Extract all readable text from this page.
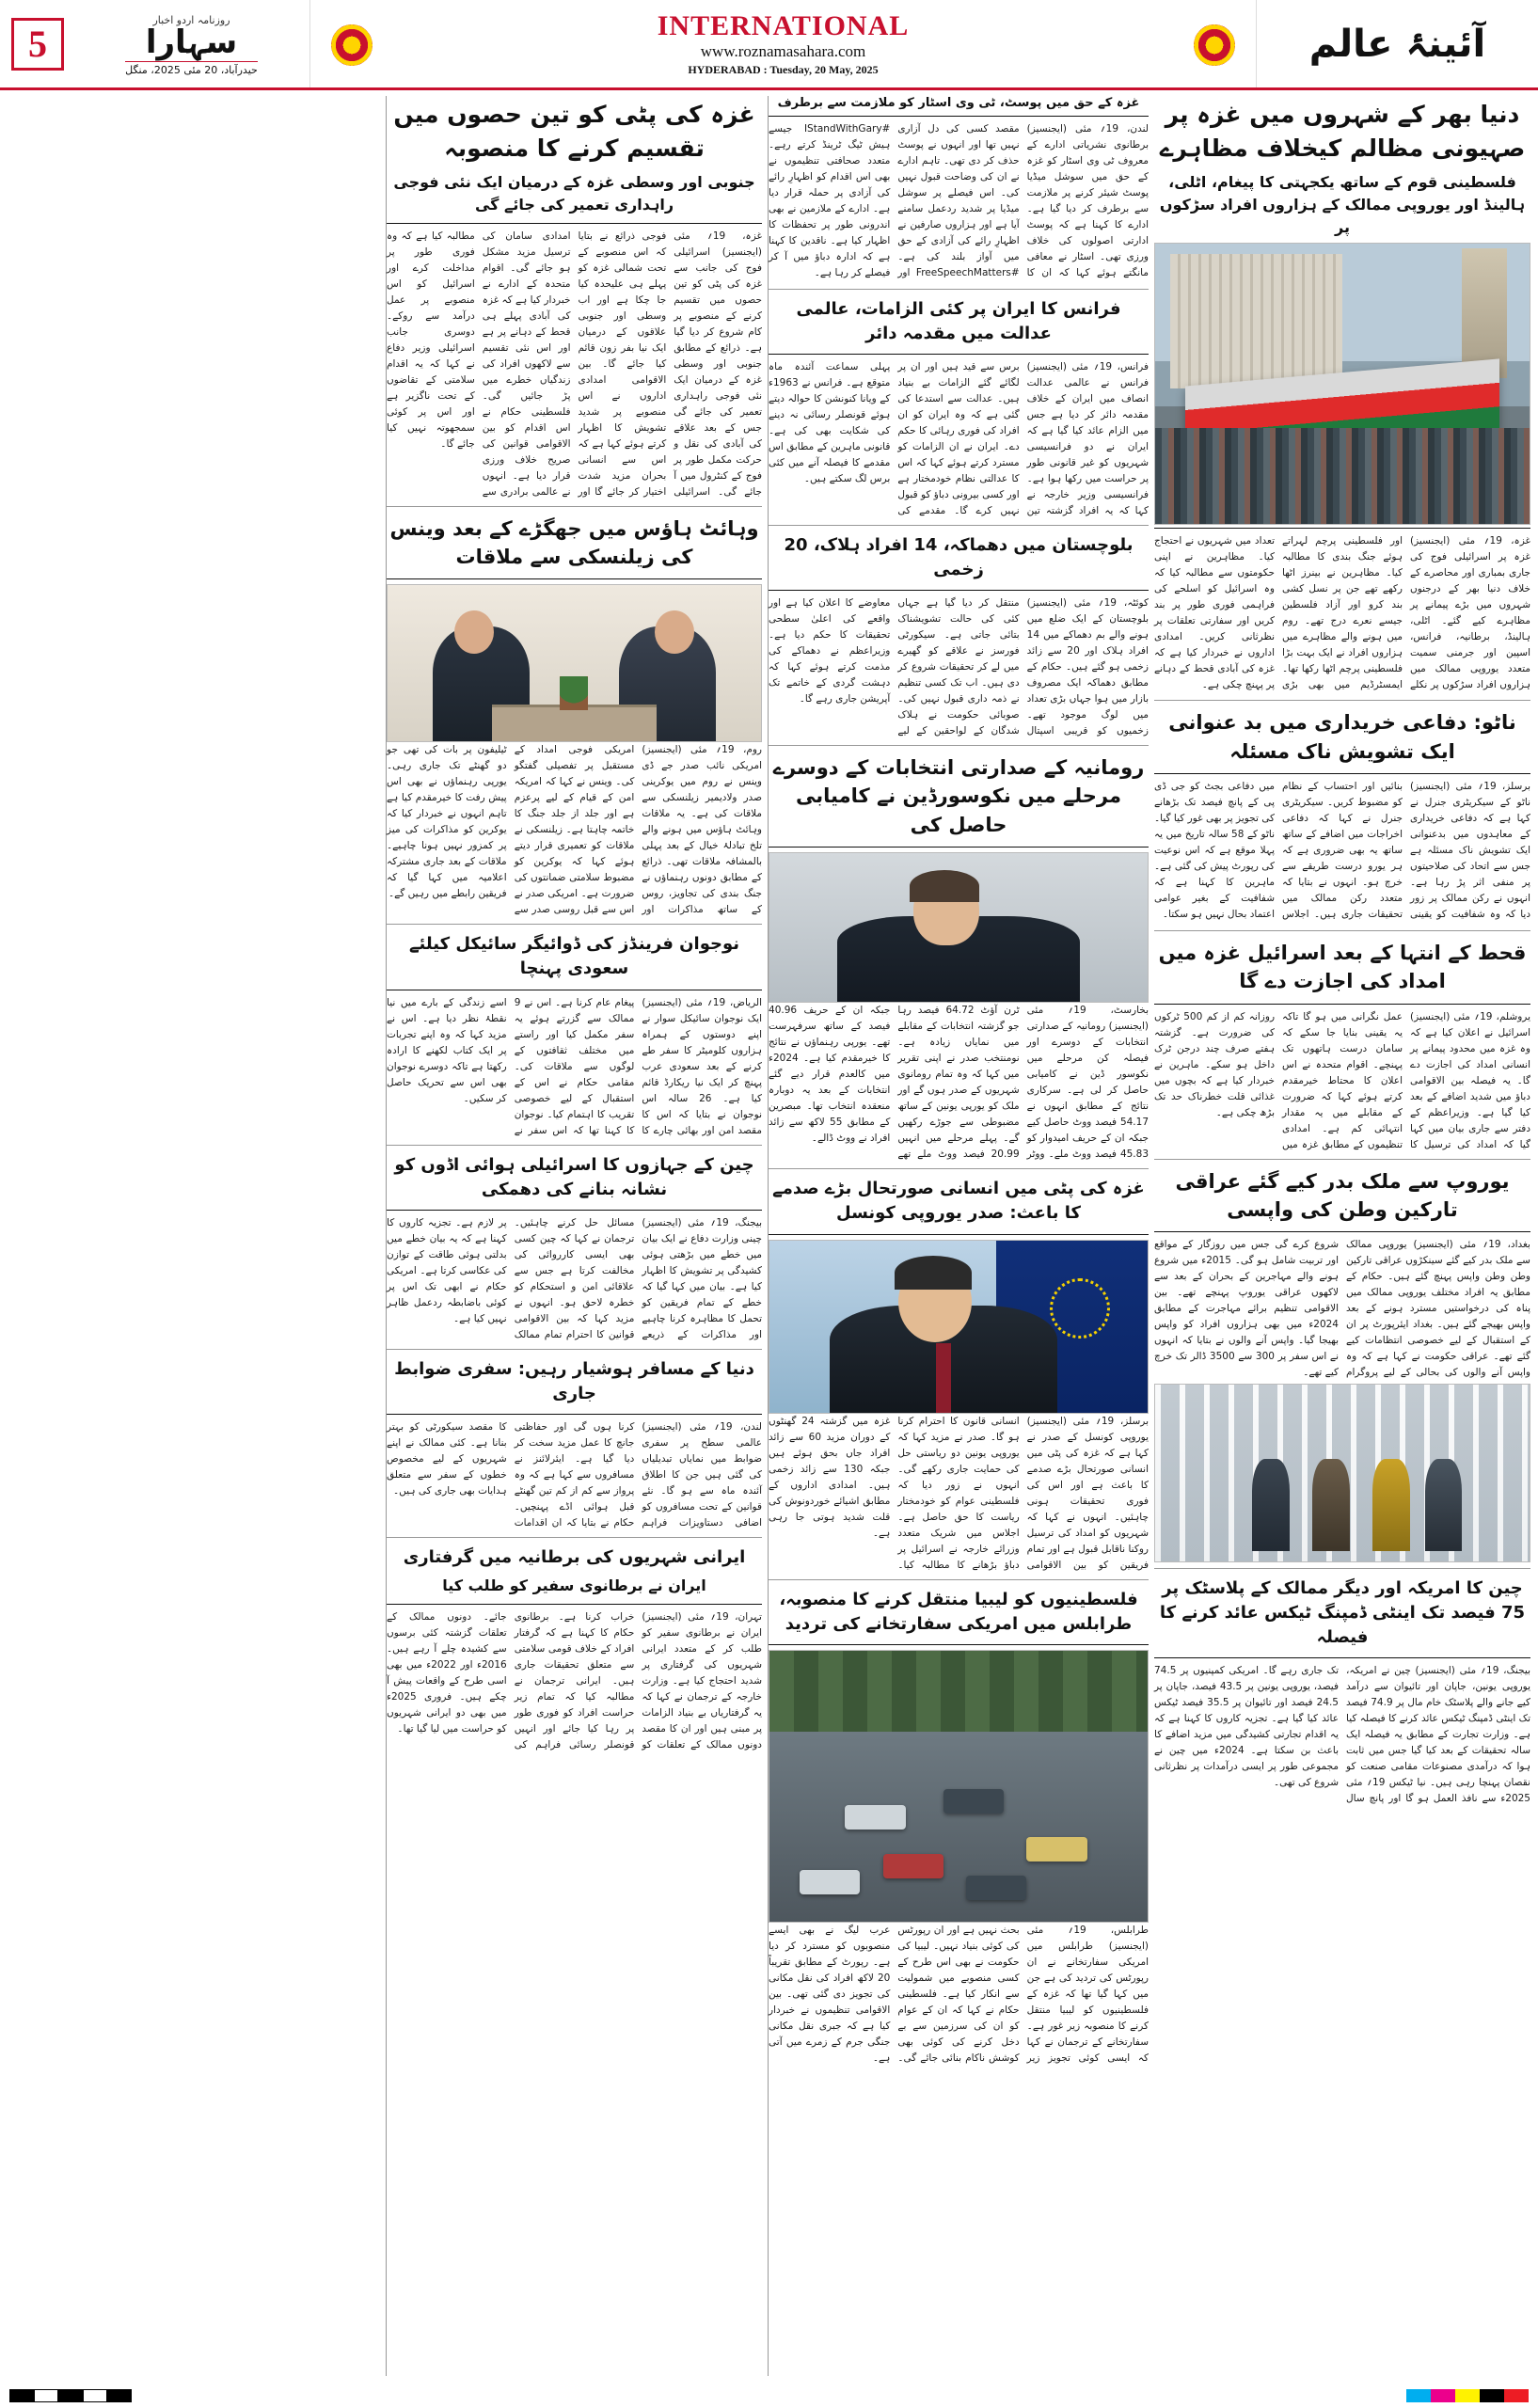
5
روزنامہ اردو اخبار
سہارا
حیدرآباد، 20 مئی 2025، منگل
INTERNATIONAL
www.roznamasahara.com
HYDERABAD : Tuesday, 20 May, 2025
آئینۂ عالم
دنیا بھر کے شہروں میں غزہ پر صہیونی مظالم کیخلاف مظاہرے
فلسطینی قوم کے ساتھ یکجہتی کا پیغام، اٹلی، ہالینڈ اور یوروپی ممالک کے ہزاروں افراد سڑکوں پر

غزہ، 19؍ مئی (ایجنسیز) غزہ پر اسرائیلی فوج کی جاری بمباری اور محاصرے کے خلاف دنیا بھر کے درجنوں شہروں میں بڑے پیمانے پر مظاہرے کیے گئے۔ اٹلی، ہالینڈ، برطانیہ، فرانس، اسپین اور جرمنی سمیت متعدد یوروپی ممالک میں ہزاروں افراد سڑکوں پر نکلے اور فلسطینی پرچم لہراتے ہوئے جنگ بندی کا مطالبہ کیا۔ مظاہرین نے بینرز اٹھا رکھے تھے جن پر نسل کشی بند کرو اور آزاد فلسطین جیسے نعرے درج تھے۔ روم میں ہونے والے مظاہرے میں ہزاروں افراد نے ایک بہت بڑا فلسطینی پرچم اٹھا رکھا تھا۔ ایمسٹرڈیم میں بھی بڑی تعداد میں شہریوں نے احتجاج کیا۔ مظاہرین نے اپنی حکومتوں سے مطالبہ کیا کہ وہ اسرائیل کو اسلحے کی فراہمی فوری طور پر بند کریں اور سفارتی تعلقات پر نظرثانی کریں۔ امدادی اداروں نے خبردار کیا ہے کہ غزہ کی آبادی قحط کے دہانے پر پہنچ چکی ہے۔

ناٹو: دفاعی خریداری میں بد عنوانی ایک تشویش ناک مسئلہ

برسلز، 19؍ مئی (ایجنسیز) ناٹو کے سیکریٹری جنرل نے کہا ہے کہ دفاعی خریداری کے معاہدوں میں بدعنوانی ایک تشویش ناک مسئلہ ہے جس سے اتحاد کی صلاحیتوں پر منفی اثر پڑ رہا ہے۔ انہوں نے رکن ممالک پر زور دیا کہ وہ شفافیت کو یقینی بنائیں اور احتساب کے نظام کو مضبوط کریں۔ سیکریٹری جنرل نے کہا کہ دفاعی اخراجات میں اضافے کے ساتھ ساتھ یہ بھی ضروری ہے کہ ہر یورو درست طریقے سے خرچ ہو۔ انہوں نے بتایا کہ متعدد رکن ممالک میں تحقیقات جاری ہیں۔ اجلاس میں دفاعی بجٹ کو جی ڈی پی کے پانچ فیصد تک بڑھانے کی تجویز پر بھی غور کیا گیا۔ ناٹو کے 58 سالہ تاریخ میں یہ پہلا موقع ہے کہ اس نوعیت کی رپورٹ پیش کی گئی ہے۔ ماہرین کا کہنا ہے کہ شفافیت کے بغیر عوامی اعتماد بحال نہیں ہو سکتا۔

قحط کے انتہا کے بعد اسرائیل غزہ میں امداد کی اجازت دے گا

یروشلم، 19؍ مئی (ایجنسیز) اسرائیل نے اعلان کیا ہے کہ وہ غزہ میں محدود پیمانے پر انسانی امداد کی اجازت دے گا۔ یہ فیصلہ بین الاقوامی دباؤ میں شدید اضافے کے بعد کیا گیا ہے۔ وزیراعظم کے دفتر سے جاری بیان میں کہا گیا کہ امداد کی ترسیل کا عمل نگرانی میں ہو گا تاکہ یہ یقینی بنایا جا سکے کہ سامان درست ہاتھوں تک پہنچے۔ اقوام متحدہ نے اس اعلان کا محتاط خیرمقدم کرتے ہوئے کہا کہ ضرورت کے مقابلے میں یہ مقدار انتہائی کم ہے۔ امدادی تنظیموں کے مطابق غزہ میں روزانہ کم از کم 500 ٹرکوں کی ضرورت ہے۔ گزشتہ ہفتے صرف چند درجن ٹرک داخل ہو سکے۔ ماہرین نے خبردار کیا ہے کہ بچوں میں غذائی قلت خطرناک حد تک بڑھ چکی ہے۔

یوروپ سے ملک بدر کیے گئے عراقی تارکین وطن کی واپسی

بغداد، 19؍ مئی (ایجنسیز) یوروپی ممالک سے ملک بدر کیے گئے سینکڑوں عراقی تارکین وطن وطن واپس پہنچ گئے ہیں۔ حکام کے مطابق یہ افراد مختلف یوروپی ممالک میں پناہ کی درخواستیں مسترد ہونے کے بعد واپس بھیجے گئے ہیں۔ بغداد ایئرپورٹ پر ان کے استقبال کے لیے خصوصی انتظامات کیے گئے تھے۔ عراقی حکومت نے کہا ہے کہ وہ واپس آنے والوں کی بحالی کے لیے پروگرام شروع کرے گی جس میں روزگار کے مواقع اور تربیت شامل ہو گی۔ 2015ء میں شروع ہونے والے مہاجرین کے بحران کے بعد سے لاکھوں عراقی یوروپ پہنچے تھے۔ بین الاقوامی تنظیم برائے مہاجرت کے مطابق 2024ء میں بھی ہزاروں افراد کو واپس بھیجا گیا۔ واپس آنے والوں نے بتایا کہ انہوں نے اس سفر پر 300 سے 3500 ڈالر تک خرچ کیے تھے۔

چین کا امریکہ اور دیگر ممالک کے پلاسٹک پر 75 فیصد تک اینٹی ڈمپنگ ٹیکس عائد کرنے کا فیصلہ

بیجنگ، 19؍ مئی (ایجنسیز) چین نے امریکہ، یوروپی یونین، جاپان اور تائیوان سے درآمد کیے جانے والے پلاسٹک خام مال پر 74.9 فیصد تک اینٹی ڈمپنگ ٹیکس عائد کرنے کا فیصلہ کیا ہے۔ وزارت تجارت کے مطابق یہ فیصلہ ایک سالہ تحقیقات کے بعد کیا گیا جس میں ثابت ہوا کہ درآمدی مصنوعات مقامی صنعت کو نقصان پہنچا رہی ہیں۔ نیا ٹیکس 19؍ مئی 2025ء سے نافذ العمل ہو گا اور پانچ سال تک جاری رہے گا۔ امریکی کمپنیوں پر 74.5 فیصد، یوروپی یونین پر 43.5 فیصد، جاپان پر 24.5 فیصد اور تائیوان پر 35.5 فیصد ٹیکس عائد کیا گیا ہے۔ تجزیہ کاروں کا کہنا ہے کہ یہ اقدام تجارتی کشیدگی میں مزید اضافے کا باعث بن سکتا ہے۔ 2024ء میں چین نے مجموعی طور پر ایسی درآمدات پر نظرثانی شروع کی تھی۔

غزہ کے حق میں پوسٹ، ٹی وی اسٹار کو ملازمت سے برطرف

لندن، 19؍ مئی (ایجنسیز) برطانوی نشریاتی ادارے کے معروف ٹی وی اسٹار کو غزہ کے حق میں سوشل میڈیا پوسٹ شیئر کرنے پر ملازمت سے برطرف کر دیا گیا ہے۔ ادارے کا کہنا ہے کہ پوسٹ ادارتی اصولوں کی خلاف ورزی تھی۔ اسٹار نے معافی مانگتے ہوئے کہا کہ ان کا مقصد کسی کی دل آزاری نہیں تھا اور انہوں نے پوسٹ حذف کر دی تھی۔ تاہم ادارے نے ان کی وضاحت قبول نہیں کی۔ اس فیصلے پر سوشل میڈیا پر شدید ردعمل سامنے آیا ہے اور ہزاروں صارفین نے اظہارِ رائے کی آزادی کے حق میں آواز بلند کی ہے۔ #FreeSpeechMatters اور #IStandWithGary جیسے ہیش ٹیگ ٹرینڈ کرتے رہے۔ متعدد صحافتی تنظیموں نے بھی اس اقدام کو اظہارِ رائے کی آزادی پر حملہ قرار دیا ہے۔ ادارے کے ملازمین نے بھی اندرونی طور پر تحفظات کا اظہار کیا ہے۔ ناقدین کا کہنا ہے کہ ادارہ دباؤ میں آ کر فیصلے کر رہا ہے۔

فرانس کا ایران پر کئی الزامات، عالمی عدالت میں مقدمہ دائر

فرانس، 19؍ مئی (ایجنسیز) فرانس نے عالمی عدالت انصاف میں ایران کے خلاف مقدمہ دائر کر دیا ہے جس میں الزام عائد کیا گیا ہے کہ ایران نے دو فرانسیسی شہریوں کو غیر قانونی طور پر حراست میں رکھا ہوا ہے۔ فرانسیسی وزیر خارجہ نے کہا کہ یہ افراد گزشتہ تین برس سے قید ہیں اور ان پر لگائے گئے الزامات بے بنیاد ہیں۔ عدالت سے استدعا کی گئی ہے کہ وہ ایران کو ان افراد کی فوری رہائی کا حکم دے۔ ایران نے ان الزامات کو مسترد کرتے ہوئے کہا کہ اس کا عدالتی نظام خودمختار ہے اور کسی بیرونی دباؤ کو قبول نہیں کرے گا۔ مقدمے کی پہلی سماعت آئندہ ماہ متوقع ہے۔ فرانس نے 1963ء کے ویانا کنونشن کا حوالہ دیتے ہوئے قونصلر رسائی نہ دینے کی شکایت بھی کی ہے۔ قانونی ماہرین کے مطابق اس مقدمے کا فیصلہ آنے میں کئی برس لگ سکتے ہیں۔

بلوچستان میں دھماکہ، 14 افراد ہلاک، 20 زخمی

کوئٹہ، 19؍ مئی (ایجنسیز) بلوچستان کے ایک ضلع میں ہونے والے بم دھماکے میں 14 افراد ہلاک اور 20 سے زائد زخمی ہو گئے ہیں۔ حکام کے مطابق دھماکہ ایک مصروف بازار میں ہوا جہاں بڑی تعداد میں لوگ موجود تھے۔ زخمیوں کو قریبی اسپتال منتقل کر دیا گیا ہے جہاں کئی کی حالت تشویشناک بتائی جاتی ہے۔ سیکورٹی فورسز نے علاقے کو گھیرے میں لے کر تحقیقات شروع کر دی ہیں۔ اب تک کسی تنظیم نے ذمہ داری قبول نہیں کی۔ صوبائی حکومت نے ہلاک شدگان کے لواحقین کے لیے معاوضے کا اعلان کیا ہے اور واقعے کی اعلیٰ سطحی تحقیقات کا حکم دیا ہے۔ وزیراعظم نے دھماکے کی مذمت کرتے ہوئے کہا کہ دہشت گردی کے خاتمے تک آپریشن جاری رہے گا۔

رومانیہ کے صدارتی انتخابات کے دوسرے مرحلے میں نکوسورڈین نے کامیابی حاصل کی

بخارسٹ، 19؍ مئی (ایجنسیز) رومانیہ کے صدارتی انتخابات کے دوسرے اور فیصلہ کن مرحلے میں نکوسور ڈین نے کامیابی حاصل کر لی ہے۔ سرکاری نتائج کے مطابق انہوں نے 54.17 فیصد ووٹ حاصل کیے جبکہ ان کے حریف امیدوار کو 45.83 فیصد ووٹ ملے۔ ووٹر ٹرن آؤٹ 64.72 فیصد رہا جو گزشتہ انتخابات کے مقابلے میں نمایاں زیادہ ہے۔ نومنتخب صدر نے اپنی تقریر میں کہا کہ وہ تمام رومانوی شہریوں کے صدر ہوں گے اور ملک کو یورپی یونین کے ساتھ مضبوطی سے جوڑے رکھیں گے۔ پہلے مرحلے میں انہیں 20.99 فیصد ووٹ ملے تھے جبکہ ان کے حریف 40.96 فیصد کے ساتھ سرفہرست تھے۔ یورپی رہنماؤں نے نتائج کا خیرمقدم کیا ہے۔ 2024ء میں کالعدم قرار دیے گئے انتخابات کے بعد یہ دوبارہ منعقدہ انتخاب تھا۔ مبصرین کے مطابق 55 لاکھ سے زائد افراد نے ووٹ ڈالے۔

غزہ کی پٹی میں انسانی صورتحال بڑے صدمے کا باعث: صدر یوروپی کونسل

برسلز، 19؍ مئی (ایجنسیز) یوروپی کونسل کے صدر نے کہا ہے کہ غزہ کی پٹی میں انسانی صورتحال بڑے صدمے کا باعث ہے اور اس کی فوری تحقیقات ہونی چاہئیں۔ انہوں نے کہا کہ شہریوں کو امداد کی ترسیل روکنا ناقابل قبول ہے اور تمام فریقین کو بین الاقوامی انسانی قانون کا احترام کرنا ہو گا۔ صدر نے مزید کہا کہ یوروپی یونین دو ریاستی حل کی حمایت جاری رکھے گی۔ انہوں نے زور دیا کہ فلسطینی عوام کو خودمختار ریاست کا حق حاصل ہے۔ اجلاس میں شریک متعدد وزرائے خارجہ نے اسرائیل پر دباؤ بڑھانے کا مطالبہ کیا۔ غزہ میں گزشتہ 24 گھنٹوں کے دوران مزید 60 سے زائد افراد جاں بحق ہوئے ہیں جبکہ 130 سے زائد زخمی ہیں۔ امدادی اداروں کے مطابق اشیائے خوردونوش کی قلت شدید ہوتی جا رہی ہے۔

فلسطینیوں کو لیبیا منتقل کرنے کا منصوبہ، طرابلس میں امریکی سفارتخانے کی تردید

طرابلس، 19؍ مئی (ایجنسیز) طرابلس میں امریکی سفارتخانے نے ان رپورٹس کی تردید کی ہے جن میں کہا گیا تھا کہ غزہ کے فلسطینیوں کو لیبیا منتقل کرنے کا منصوبہ زیر غور ہے۔ سفارتخانے کے ترجمان نے کہا کہ ایسی کوئی تجویز زیر بحث نہیں ہے اور ان رپورٹس کی کوئی بنیاد نہیں۔ لیبیا کی حکومت نے بھی اس طرح کے کسی منصوبے میں شمولیت سے انکار کیا ہے۔ فلسطینی حکام نے کہا کہ ان کے عوام کو ان کی سرزمین سے بے دخل کرنے کی کوئی بھی کوشش ناکام بنائی جائے گی۔ عرب لیگ نے بھی ایسے منصوبوں کو مسترد کر دیا ہے۔ رپورٹ کے مطابق تقریباً 20 لاکھ افراد کی نقل مکانی کی تجویز دی گئی تھی۔ بین الاقوامی تنظیموں نے خبردار کیا ہے کہ جبری نقل مکانی جنگی جرم کے زمرے میں آتی ہے۔

غزہ کی پٹی کو تین حصوں میں تقسیم کرنے کا منصوبہ
جنوبی اور وسطی غزہ کے درمیان ایک نئی فوجی راہداری تعمیر کی جائے گی

غزہ، 19؍ مئی (ایجنسیز) اسرائیلی فوج کی جانب سے غزہ کی پٹی کو تین حصوں میں تقسیم کرنے کے منصوبے پر کام شروع کر دیا گیا ہے۔ ذرائع کے مطابق جنوبی اور وسطی غزہ کے درمیان ایک نئی فوجی راہداری تعمیر کی جائے گی جس کے بعد علاقے کی آبادی کی نقل و حرکت مکمل طور پر فوج کے کنٹرول میں آ جائے گی۔ اسرائیلی فوجی ذرائع نے بتایا کہ اس منصوبے کے تحت شمالی غزہ کو پہلے ہی علیحدہ کیا جا چکا ہے اور اب وسطی اور جنوبی علاقوں کے درمیان ایک نیا بفر زون قائم کیا جائے گا۔ بین الاقوامی امدادی اداروں نے اس منصوبے پر شدید تشویش کا اظہار کرتے ہوئے کہا ہے کہ اس سے انسانی بحران مزید شدت اختیار کر جائے گا اور امدادی سامان کی ترسیل مزید مشکل ہو جائے گی۔ اقوام متحدہ کے ادارے نے خبردار کیا ہے کہ غزہ کی آبادی پہلے ہی قحط کے دہانے پر ہے اور اس نئی تقسیم سے لاکھوں افراد کی زندگیاں خطرے میں پڑ جائیں گی۔ فلسطینی حکام نے اس اقدام کو بین الاقوامی قوانین کی صریح خلاف ورزی قرار دیا ہے۔ انہوں نے عالمی برادری سے مطالبہ کیا ہے کہ وہ فوری طور پر مداخلت کرے اور اسرائیل کو اس منصوبے پر عمل درآمد سے روکے۔ دوسری جانب اسرائیلی وزیر دفاع نے کہا کہ یہ اقدام سلامتی کے تقاضوں کے تحت ناگزیر ہے اور اس پر کوئی سمجھوتہ نہیں کیا جائے گا۔

وہائٹ ہاؤس میں جھگڑے کے بعد وینس کی زیلنسکی سے ملاقات

روم، 19؍ مئی (ایجنسیز) امریکی نائب صدر جے ڈی وینس نے روم میں یوکرینی صدر ولادیمیر زیلنسکی سے ملاقات کی ہے۔ یہ ملاقات وہائٹ ہاؤس میں ہونے والے تلخ تبادلۂ خیال کے بعد پہلی بالمشافہ ملاقات تھی۔ ذرائع کے مطابق دونوں رہنماؤں نے جنگ بندی کی تجاویز، روس کے ساتھ مذاکرات اور امریکی فوجی امداد کے مستقبل پر تفصیلی گفتگو کی۔ وینس نے کہا کہ امریکہ امن کے قیام کے لیے پرعزم ہے اور جلد از جلد جنگ کا خاتمہ چاہتا ہے۔ زیلنسکی نے ملاقات کو تعمیری قرار دیتے ہوئے کہا کہ یوکرین کو مضبوط سلامتی ضمانتوں کی ضرورت ہے۔ امریکی صدر نے اس سے قبل روسی صدر سے ٹیلیفون پر بات کی تھی جو دو گھنٹے تک جاری رہی۔ یورپی رہنماؤں نے بھی اس پیش رفت کا خیرمقدم کیا ہے تاہم انہوں نے خبردار کیا کہ یوکرین کو مذاکرات کی میز پر کمزور نہیں ہونا چاہیے۔ ملاقات کے بعد جاری مشترکہ اعلامیہ میں کہا گیا کہ فریقین رابطے میں رہیں گے۔

نوجوان فرینڈز کی ڈوائیگر سائیکل کیلئے سعودی پہنچا

الریاض، 19؍ مئی (ایجنسیز) ایک نوجوان سائیکل سوار نے اپنے دوستوں کے ہمراہ ہزاروں کلومیٹر کا سفر طے کرنے کے بعد سعودی عرب پہنچ کر ایک نیا ریکارڈ قائم کیا ہے۔ 26 سالہ اس نوجوان نے بتایا کہ اس کا مقصد امن اور بھائی چارے کا پیغام عام کرنا ہے۔ اس نے 9 ممالک سے گزرتے ہوئے یہ سفر مکمل کیا اور راستے میں مختلف ثقافتوں کے لوگوں سے ملاقات کی۔ مقامی حکام نے اس کے استقبال کے لیے خصوصی تقریب کا اہتمام کیا۔ نوجوان کا کہنا تھا کہ اس سفر نے اسے زندگی کے بارے میں نیا نقطۂ نظر دیا ہے۔ اس نے مزید کہا کہ وہ اپنے تجربات پر ایک کتاب لکھنے کا ارادہ رکھتا ہے تاکہ دوسرے نوجوان بھی اس سے تحریک حاصل کر سکیں۔

چین کے جہازوں کا اسرائیلی ہوائی اڈوں کو نشانہ بنانے کی دھمکی

بیجنگ، 19؍ مئی (ایجنسیز) چینی وزارت دفاع نے ایک بیان میں خطے میں بڑھتی ہوئی کشیدگی پر تشویش کا اظہار کیا ہے۔ بیان میں کہا گیا کہ خطے کے تمام فریقین کو تحمل کا مظاہرہ کرنا چاہیے اور مذاکرات کے ذریعے مسائل حل کرنے چاہئیں۔ ترجمان نے کہا کہ چین کسی بھی ایسی کارروائی کی مخالفت کرتا ہے جس سے علاقائی امن و استحکام کو خطرہ لاحق ہو۔ انہوں نے مزید کہا کہ بین الاقوامی قوانین کا احترام تمام ممالک پر لازم ہے۔ تجزیہ کاروں کا کہنا ہے کہ یہ بیان خطے میں بدلتی ہوئی طاقت کے توازن کی عکاسی کرتا ہے۔ امریکی حکام نے ابھی تک اس پر کوئی باضابطہ ردعمل ظاہر نہیں کیا ہے۔

دنیا کے مسافر ہوشیار رہیں: سفری ضوابط جاری

لندن، 19؍ مئی (ایجنسیز) عالمی سطح پر سفری ضوابط میں نمایاں تبدیلیاں کی گئی ہیں جن کا اطلاق آئندہ ماہ سے ہو گا۔ نئے قوانین کے تحت مسافروں کو اضافی دستاویزات فراہم کرنا ہوں گی اور حفاظتی جانچ کا عمل مزید سخت کر دیا گیا ہے۔ ایئرلائنز نے مسافروں سے کہا ہے کہ وہ پرواز سے کم از کم تین گھنٹے قبل ہوائی اڈے پہنچیں۔ حکام نے بتایا کہ ان اقدامات کا مقصد سیکورٹی کو بہتر بنانا ہے۔ کئی ممالک نے اپنے شہریوں کے لیے مخصوص خطوں کے سفر سے متعلق ہدایات بھی جاری کی ہیں۔

ایرانی شہریوں کی برطانیہ میں گرفتاری
ایران نے برطانوی سفیر کو طلب کیا

تہران، 19؍ مئی (ایجنسیز) ایران نے برطانوی سفیر کو طلب کر کے متعدد ایرانی شہریوں کی گرفتاری پر شدید احتجاج کیا ہے۔ وزارت خارجہ کے ترجمان نے کہا کہ یہ گرفتاریاں بے بنیاد الزامات پر مبنی ہیں اور ان کا مقصد دونوں ممالک کے تعلقات کو خراب کرنا ہے۔ برطانوی حکام کا کہنا ہے کہ گرفتار افراد کے خلاف قومی سلامتی سے متعلق تحقیقات جاری ہیں۔ ایرانی ترجمان نے مطالبہ کیا کہ تمام زیر حراست افراد کو فوری طور پر رہا کیا جائے اور انہیں قونصلر رسائی فراہم کی جائے۔ دونوں ممالک کے تعلقات گزشتہ کئی برسوں سے کشیدہ چلے آ رہے ہیں۔ 2016ء اور 2022ء میں بھی اسی طرح کے واقعات پیش آ چکے ہیں۔ فروری 2025ء میں بھی دو ایرانی شہریوں کو حراست میں لیا گیا تھا۔
